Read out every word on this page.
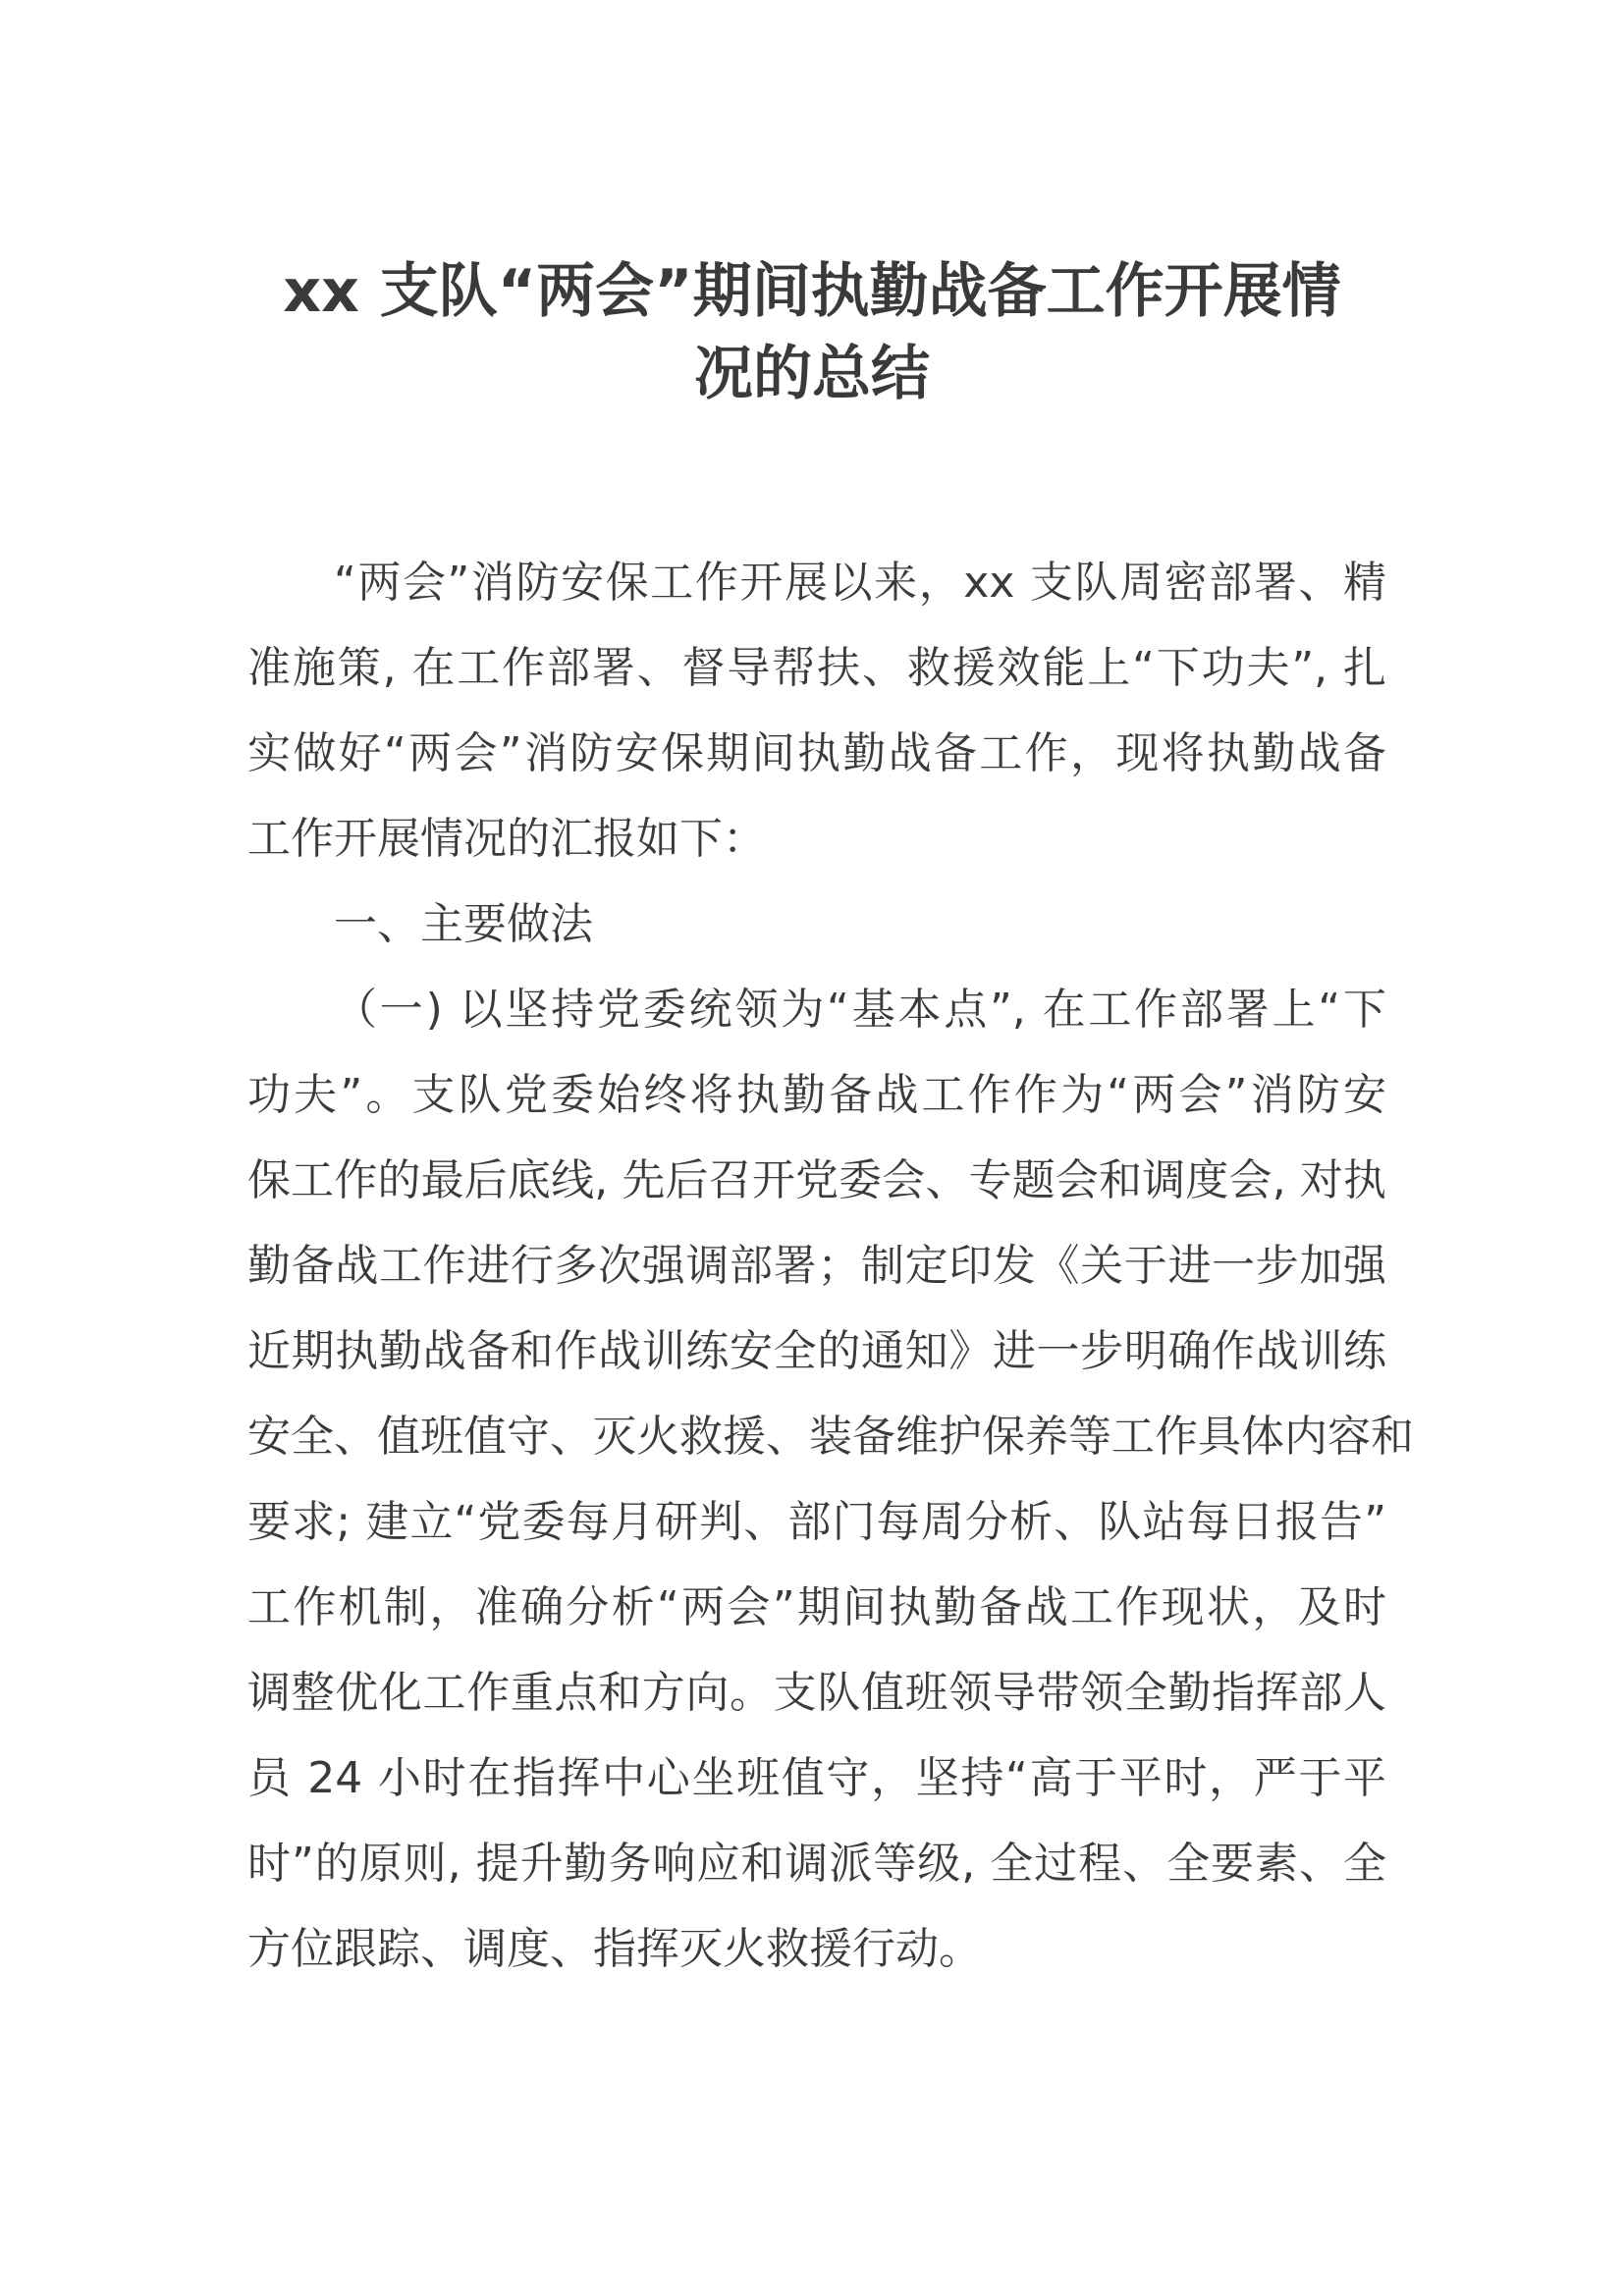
xx 支队“两会”期间执勤战备工作开展情
况的总结
“两会”消防安保工作开展以来，xx 支队周密部署、精
准施策, 在工作部署、督导帮扶、救援效能上“下功夫”, 扎
实做好“两会”消防安保期间执勤战备工作，现将执勤战备
工作开展情况的汇报如下：
一、主要做法
（一) 以坚持党委统领为“基本点”, 在工作部署上“下
功夫”。支队党委始终将执勤备战工作作为“两会”消防安
保工作的最后底线, 先后召开党委会、专题会和调度会, 对执
勤备战工作进行多次强调部署；制定印发《关于进一步加强
近期执勤战备和作战训练安全的通知》进一步明确作战训练
安全、值班值守、灭火救援、装备维护保养等工作具体内容和
要求; 建立“党委每月研判、部门每周分析、队站每日报告”
工作机制，准确分析“两会”期间执勤备战工作现状，及时
调整优化工作重点和方向。支队值班领导带领全勤指挥部人
员 24 小时在指挥中心坐班值守，坚持“高于平时，严于平
时”的原则, 提升勤务响应和调派等级, 全过程、全要素、全
方位跟踪、调度、指挥灭火救援行动。
